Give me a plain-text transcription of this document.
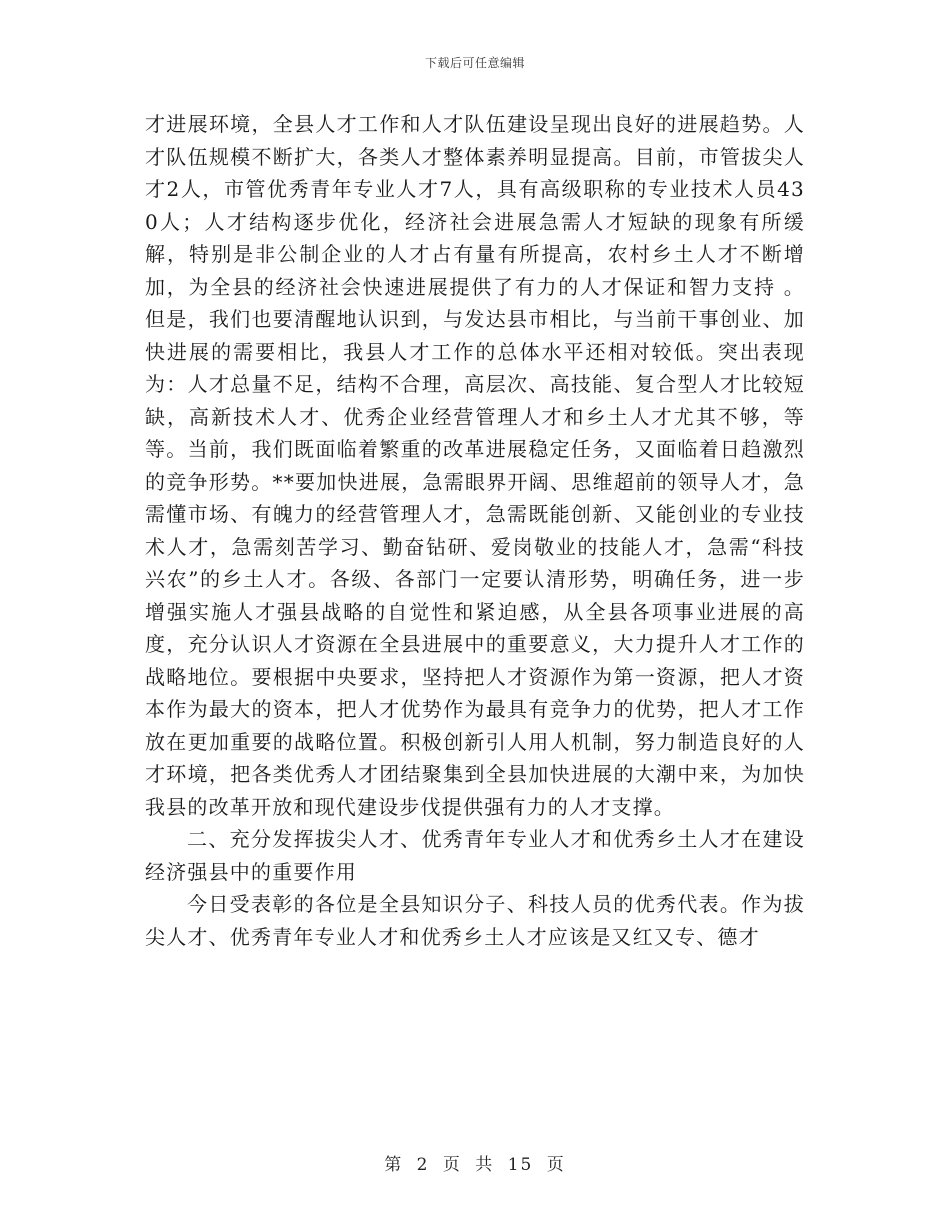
下载后可任意编辑

才进展环境，全县人才工作和人才队伍建设呈现出良好的进展趋势。人才队伍规模不断扩大，各类人才整体素养明显提高。目前，市管拔尖人才2人，市管优秀青年专业人才7人，具有高级职称的专业技术人员430人；人才结构逐步优化，经济社会进展急需人才短缺的现象有所缓解，特别是非公制企业的人才占有量有所提高，农村乡土人才不断增加，为全县的经济社会快速进展提供了有力的人才保证和智力支持 。但是，我们也要清醒地认识到，与发达县市相比，与当前干事创业、加快进展的需要相比，我县人才工作的总体水平还相对较低。突出表现为：人才总量不足，结构不合理，高层次、高技能、复合型人才比较短缺，高新技术人才、优秀企业经营管理人才和乡土人才尤其不够，等等。当前，我们既面临着繁重的改革进展稳定任务，又面临着日趋激烈的竞争形势。**要加快进展，急需眼界开阔、思维超前的领导人才，急需懂市场、有魄力的经营管理人才，急需既能创新、又能创业的专业技术人才，急需刻苦学习、勤奋钻研、爱岗敬业的技能人才，急需“科技兴农”的乡土人才。各级、各部门一定要认清形势，明确任务，进一步增强实施人才强县战略的自觉性和紧迫感，从全县各项事业进展的高度，充分认识人才资源在全县进展中的重要意义，大力提升人才工作的战略地位。要根据中央要求，坚持把人才资源作为第一资源，把人才资本作为最大的资本，把人才优势作为最具有竞争力的优势，把人才工作放在更加重要的战略位置。积极创新引人用人机制，努力制造良好的人才环境，把各类优秀人才团结聚集到全县加快进展的大潮中来，为加快我县的改革开放和现代建设步伐提供强有力的人才支撑。

二、充分发挥拔尖人才、优秀青年专业人才和优秀乡土人才在建设经济强县中的重要作用

今日受表彰的各位是全县知识分子、科技人员的优秀代表。作为拔尖人才、优秀青年专业人才和优秀乡土人才应该是又红又专、德才

第 2 页 共 15 页
